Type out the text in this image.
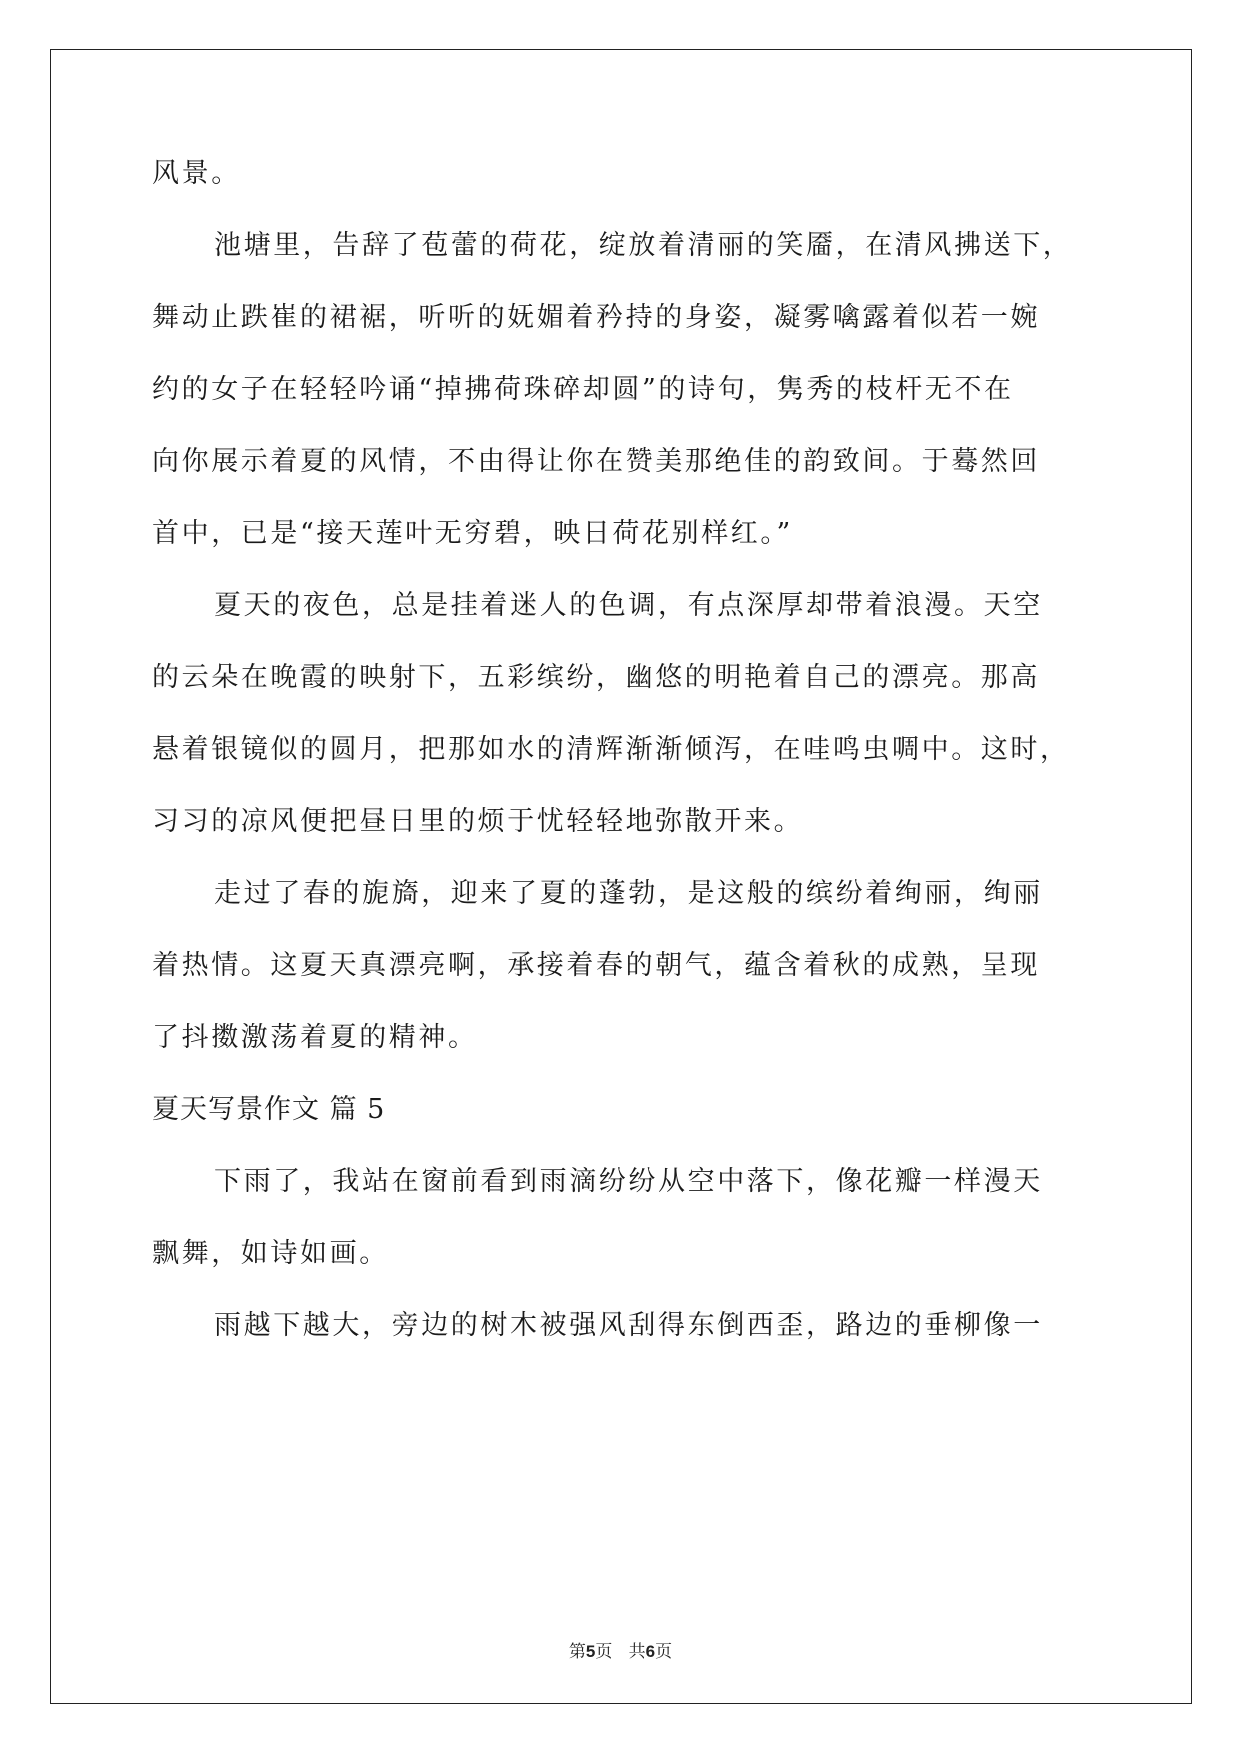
风景。
池塘里，告辞了苞蕾的荷花，绽放着清丽的笑靥，在清风拂送下，
舞动止跌崔的裙裾，听听的妩媚着矜持的身姿，凝雾噙露着似若一婉
约的女子在轻轻吟诵“掉拂荷珠碎却圆”的诗句，隽秀的枝杆无不在
向你展示着夏的风情，不由得让你在赞美那绝佳的韵致间。于蓦然回
首中，已是“接天莲叶无穷碧，映日荷花别样红。”
夏天的夜色，总是挂着迷人的色调，有点深厚却带着浪漫。天空
的云朵在晚霞的映射下，五彩缤纷，幽悠的明艳着自己的漂亮。那高
悬着银镜似的圆月，把那如水的清辉渐渐倾泻，在哇鸣虫啁中。这时，
习习的凉风便把昼日里的烦于忧轻轻地弥散开来。
走过了春的旎旖，迎来了夏的蓬勃，是这般的缤纷着绚丽，绚丽
着热情。这夏天真漂亮啊，承接着春的朝气，蕴含着秋的成熟，呈现
了抖擞激荡着夏的精神。
夏天写景作文 篇 5
下雨了，我站在窗前看到雨滴纷纷从空中落下，像花瓣一样漫天
飘舞，如诗如画。
雨越下越大，旁边的树木被强风刮得东倒西歪，路边的垂柳像一
第5页 共6页
